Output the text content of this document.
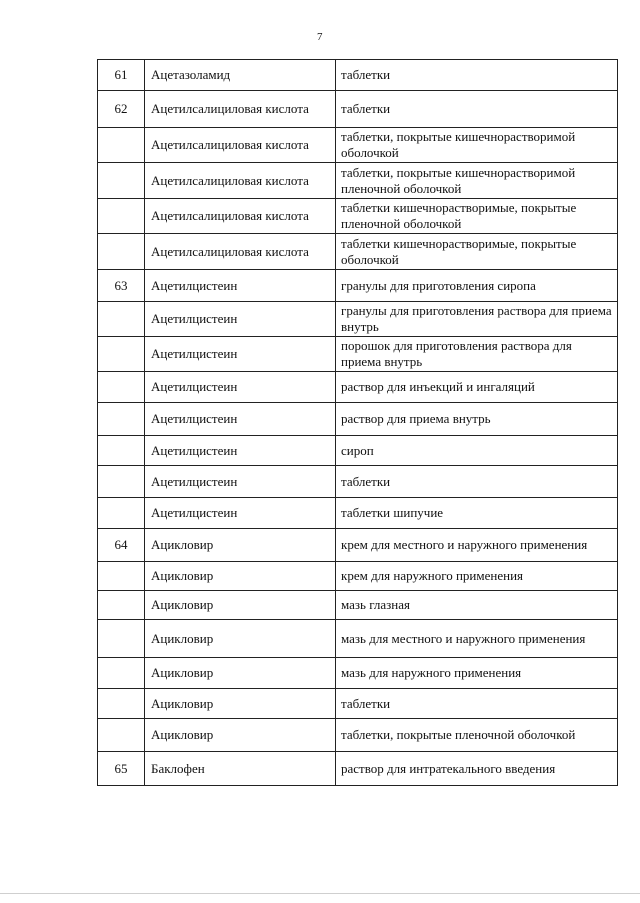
7
61	Ацетазоламид	таблетки
62	Ацетилсалициловая кислота	таблетки
	Ацетилсалициловая кислота	таблетки, покрытые кишечнорастворимой оболочкой
	Ацетилсалициловая кислота	таблетки, покрытые кишечнорастворимой пленочной оболочкой
	Ацетилсалициловая кислота	таблетки кишечнорастворимые, покрытые пленочной оболочкой
	Ацетилсалициловая кислота	таблетки кишечнорастворимые, покрытые оболочкой
63	Ацетилцистеин	гранулы для приготовления сиропа
	Ацетилцистеин	гранулы для приготовления раствора для приема внутрь
	Ацетилцистеин	порошок для приготовления раствора для приема внутрь
	Ацетилцистеин	раствор для инъекций и ингаляций
	Ацетилцистеин	раствор для приема внутрь
	Ацетилцистеин	сироп
	Ацетилцистеин	таблетки
	Ацетилцистеин	таблетки шипучие
64	Ацикловир	крем для местного и наружного применения
	Ацикловир	крем для наружного применения
	Ацикловир	мазь глазная
	Ацикловир	мазь для местного и наружного применения
	Ацикловир	мазь для наружного применения
	Ацикловир	таблетки
	Ацикловир	таблетки, покрытые пленочной оболочкой
65	Баклофен	раствор для интратекального введения
